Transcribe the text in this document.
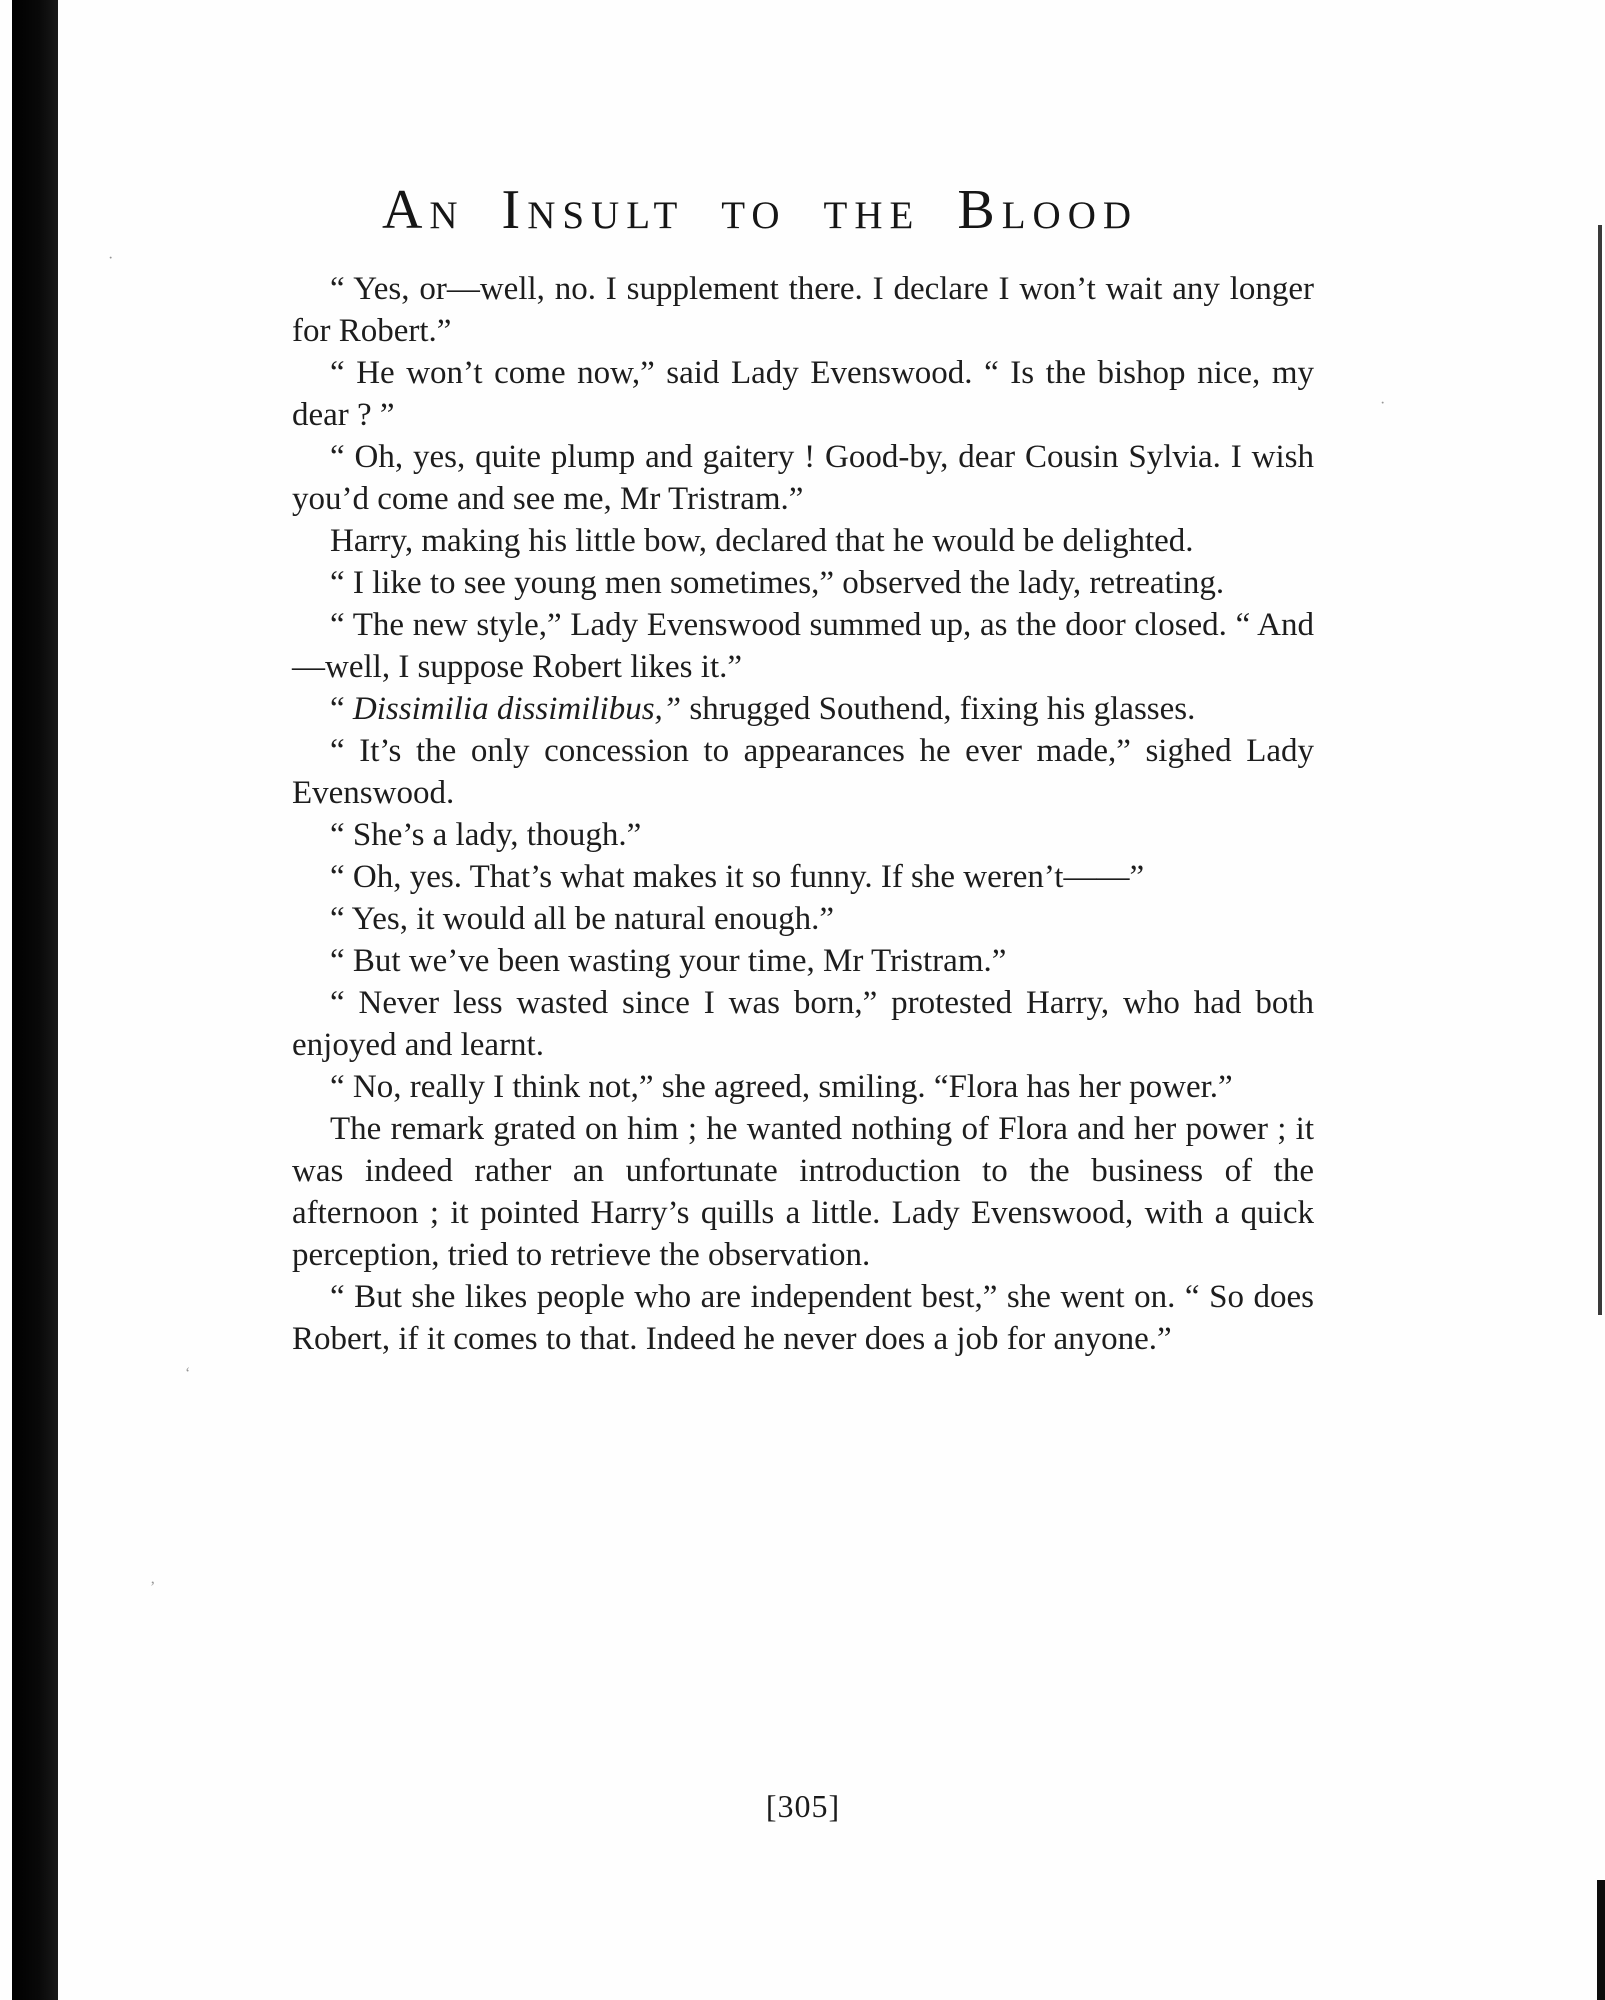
An Insult to the Blood

“ Yes, or—well, no. I supplement there. I declare I won’t wait any longer for Robert.”

“ He won’t come now,” said Lady Evenswood. “ Is the bishop nice, my dear ? ”

“ Oh, yes, quite plump and gaitery ! Good-by, dear Cousin Sylvia. I wish you’d come and see me, Mr Tristram.”

Harry, making his little bow, declared that he would be delighted.

“ I like to see young men sometimes,” observed the lady, retreating.

“ The new style,” Lady Evenswood summed up, as the door closed. “ And—well, I suppose Robert likes it.”

“ Dissimilia dissimilibus,” shrugged Southend, fixing his glasses.

“ It’s the only concession to appearances he ever made,” sighed Lady Evenswood.

“ She’s a lady, though.”

“ Oh, yes. That’s what makes it so funny. If she weren’t——”

“ Yes, it would all be natural enough.”

“ But we’ve been wasting your time, Mr Tristram.”

“ Never less wasted since I was born,” protested Harry, who had both enjoyed and learnt.

“ No, really I think not,” she agreed, smiling. “Flora has her power.”

The remark grated on him ; he wanted nothing of Flora and her power ; it was indeed rather an unfortunate introduction to the business of the afternoon ; it pointed Harry’s quills a little. Lady Evenswood, with a quick perception, tried to retrieve the observation.

“ But she likes people who are independent best,” she went on. “ So does Robert, if it comes to that. Indeed he never does a job for anyone.”

[305]
·
·
‚
ʻ
